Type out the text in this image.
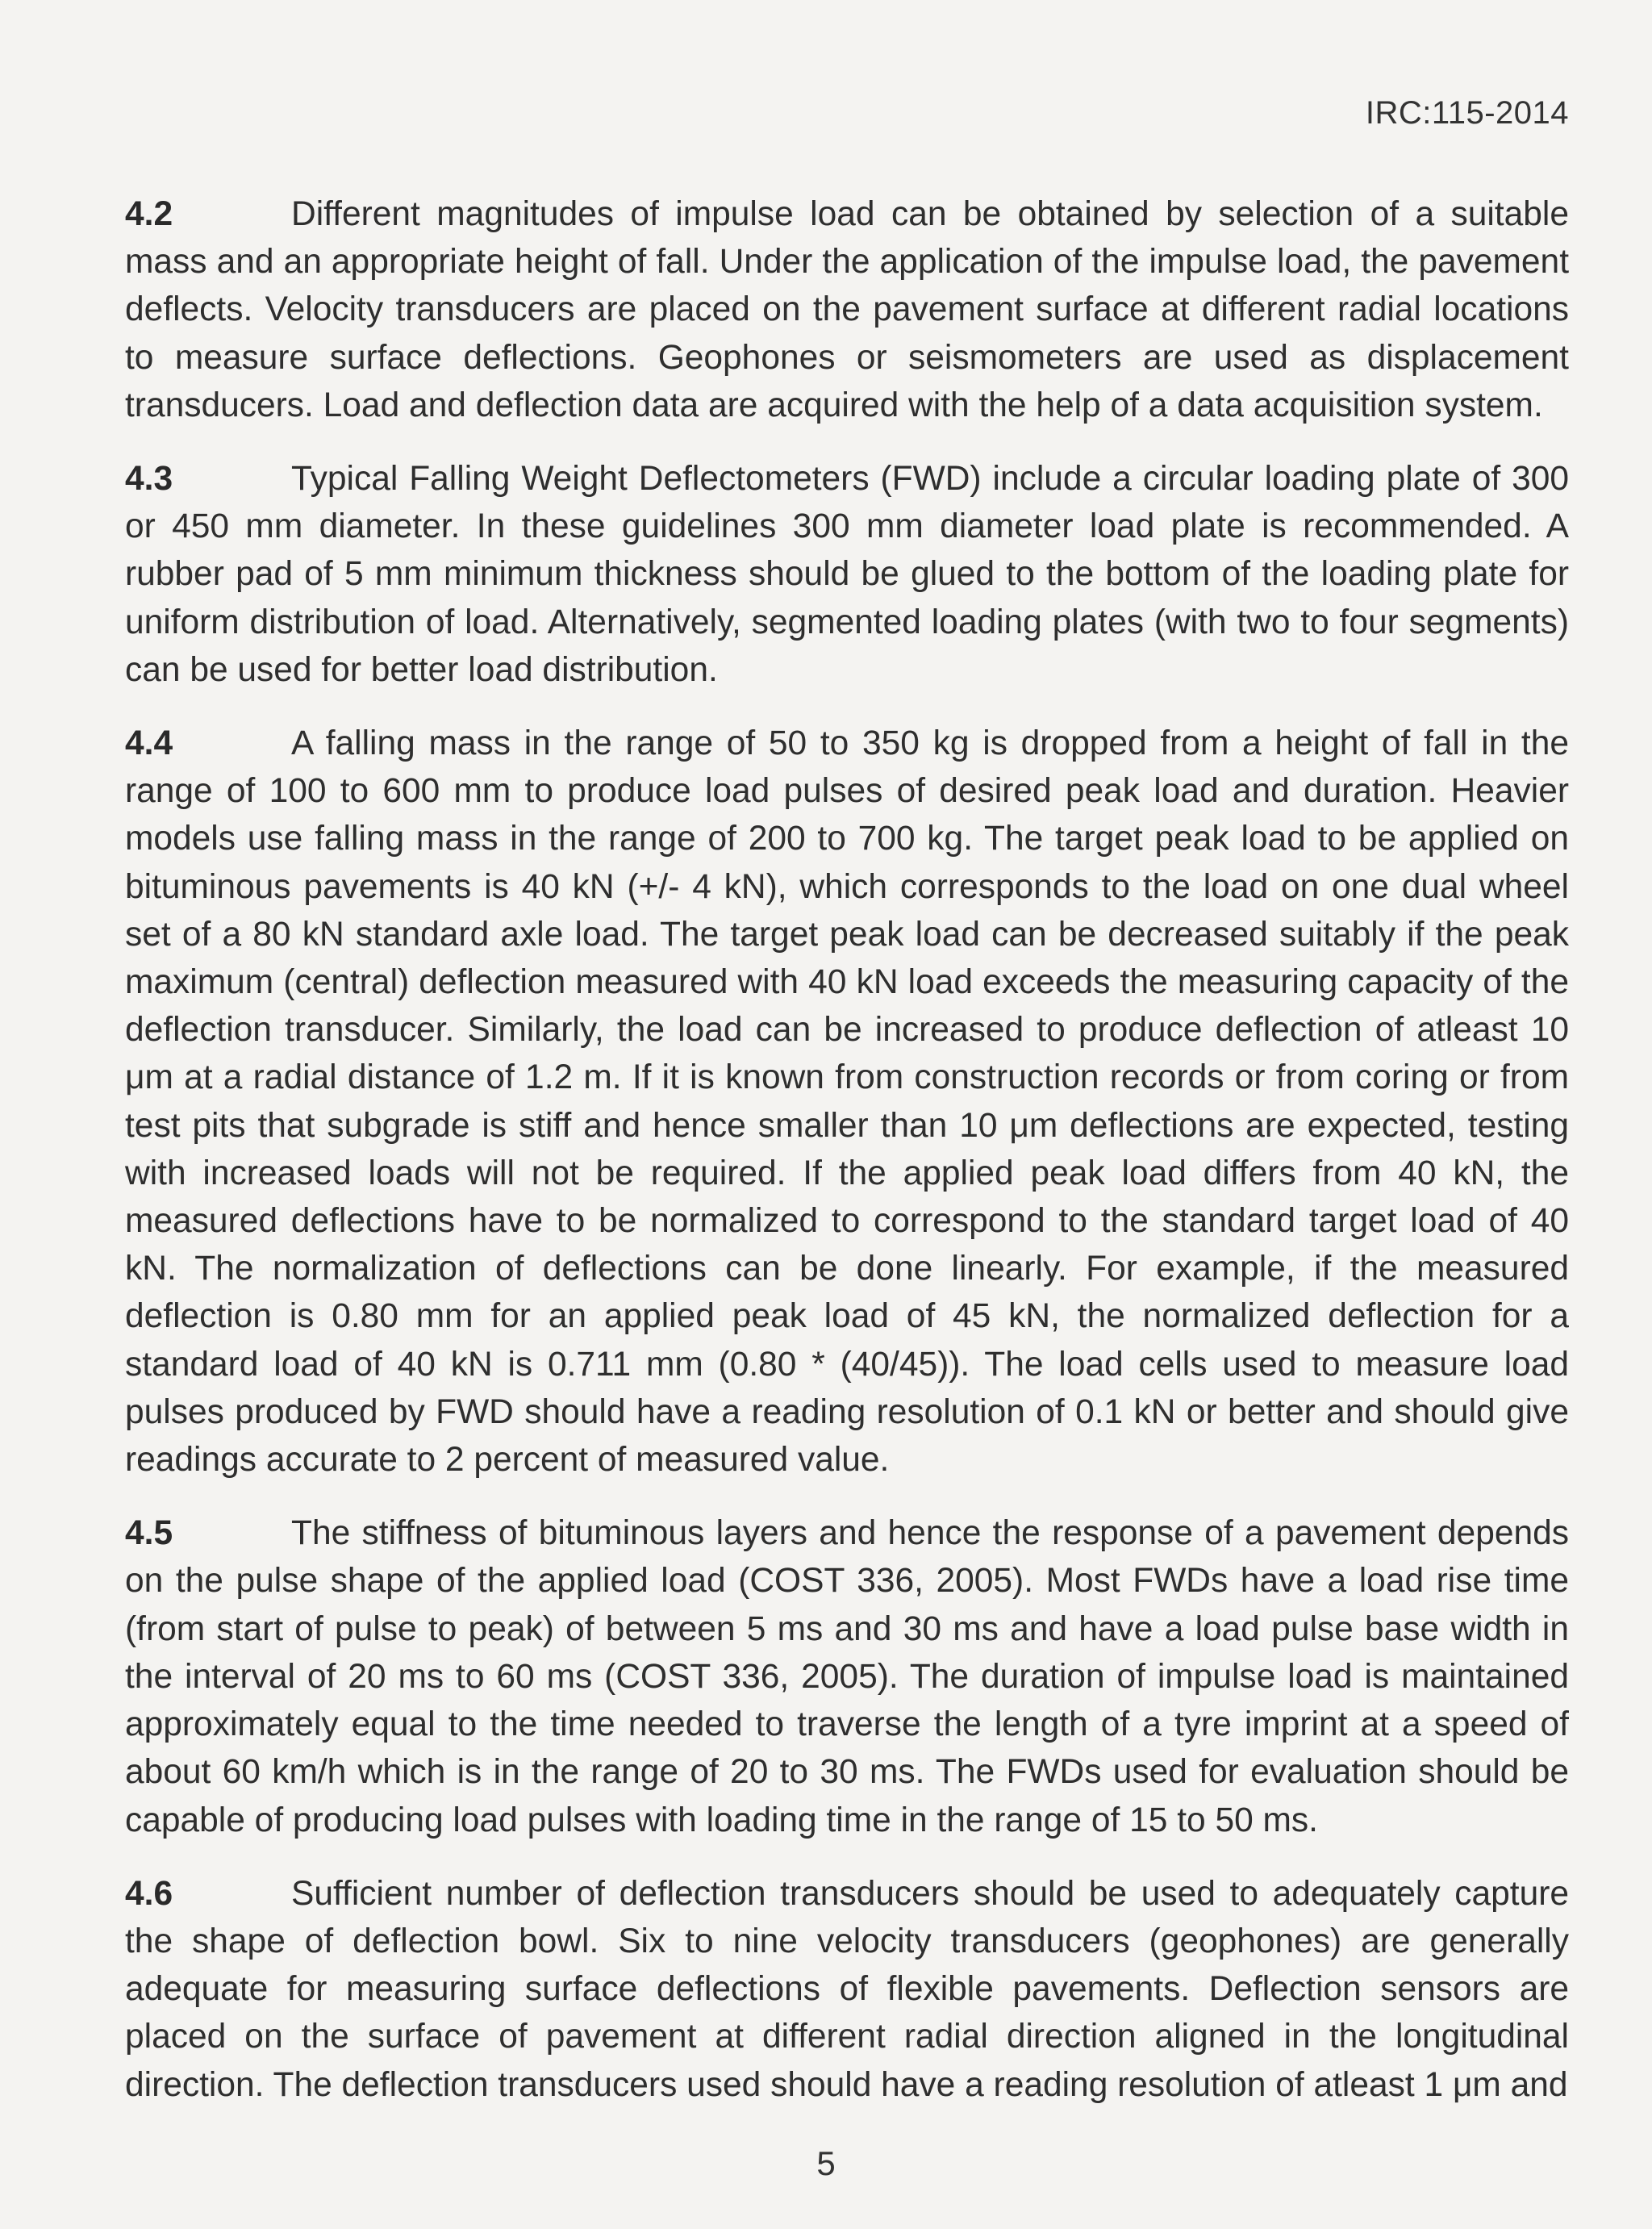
IRC:115-2014

4.2	Different magnitudes of impulse load can be obtained by selection of a suitable mass and an appropriate height of fall. Under the application of the impulse load, the pavement deflects. Velocity transducers are placed on the pavement surface at different radial locations to measure surface deflections. Geophones or seismometers are used as displacement transducers. Load and deflection data are acquired with the help of a data acquisition system.

4.3	Typical Falling Weight Deflectometers (FWD) include a circular loading plate of 300 or 450 mm diameter. In these guidelines 300 mm diameter load plate is recommended. A rubber pad of 5 mm minimum thickness should be glued to the bottom of the loading plate for uniform distribution of load. Alternatively, segmented loading plates (with two to four segments) can be used for better load distribution.

4.4	A falling mass in the range of 50 to 350 kg is dropped from a height of fall in the range of 100 to 600 mm to produce load pulses of desired peak load and duration. Heavier models use falling mass in the range of 200 to 700 kg. The target peak load to be applied on bituminous pavements is 40 kN (+/- 4 kN), which corresponds to the load on one dual wheel set of a 80 kN standard axle load. The target peak load can be decreased suitably if the peak maximum (central) deflection measured with 40 kN load exceeds the measuring capacity of the deflection transducer. Similarly, the load can be increased to produce deflection of atleast 10 μm at a radial distance of 1.2 m. If it is known from construction records or from coring or from test pits that subgrade is stiff and hence smaller than 10 μm deflections are expected, testing with increased loads will not be required. If the applied peak load differs from 40 kN, the measured deflections have to be normalized to correspond to the standard target load of 40 kN. The normalization of deflections can be done linearly. For example, if the measured deflection is 0.80 mm for an applied peak load of 45 kN, the normalized deflection for a standard load of 40 kN is 0.711 mm (0.80 * (40/45)). The load cells used to measure load pulses produced by FWD should have a reading resolution of 0.1 kN or better and should give readings accurate to 2 percent of measured value.

4.5	The stiffness of bituminous layers and hence the response of a pavement depends on the pulse shape of the applied load (COST 336, 2005). Most FWDs have a load rise time (from start of pulse to peak) of between 5 ms and 30 ms and have a load pulse base width in the interval of 20 ms to 60 ms (COST 336, 2005). The duration of impulse load is maintained approximately equal to the time needed to traverse the length of a tyre imprint at a speed of about 60 km/h which is in the range of 20 to 30 ms. The FWDs used for evaluation should be capable of producing load pulses with loading time in the range of 15 to 50 ms.

4.6	Sufficient number of deflection transducers should be used to adequately capture the shape of deflection bowl. Six to nine velocity transducers (geophones) are generally adequate for measuring surface deflections of flexible pavements. Deflection sensors are placed on the surface of pavement at different radial direction aligned in the longitudinal direction. The deflection transducers used should have a reading resolution of atleast 1 μm and

5
